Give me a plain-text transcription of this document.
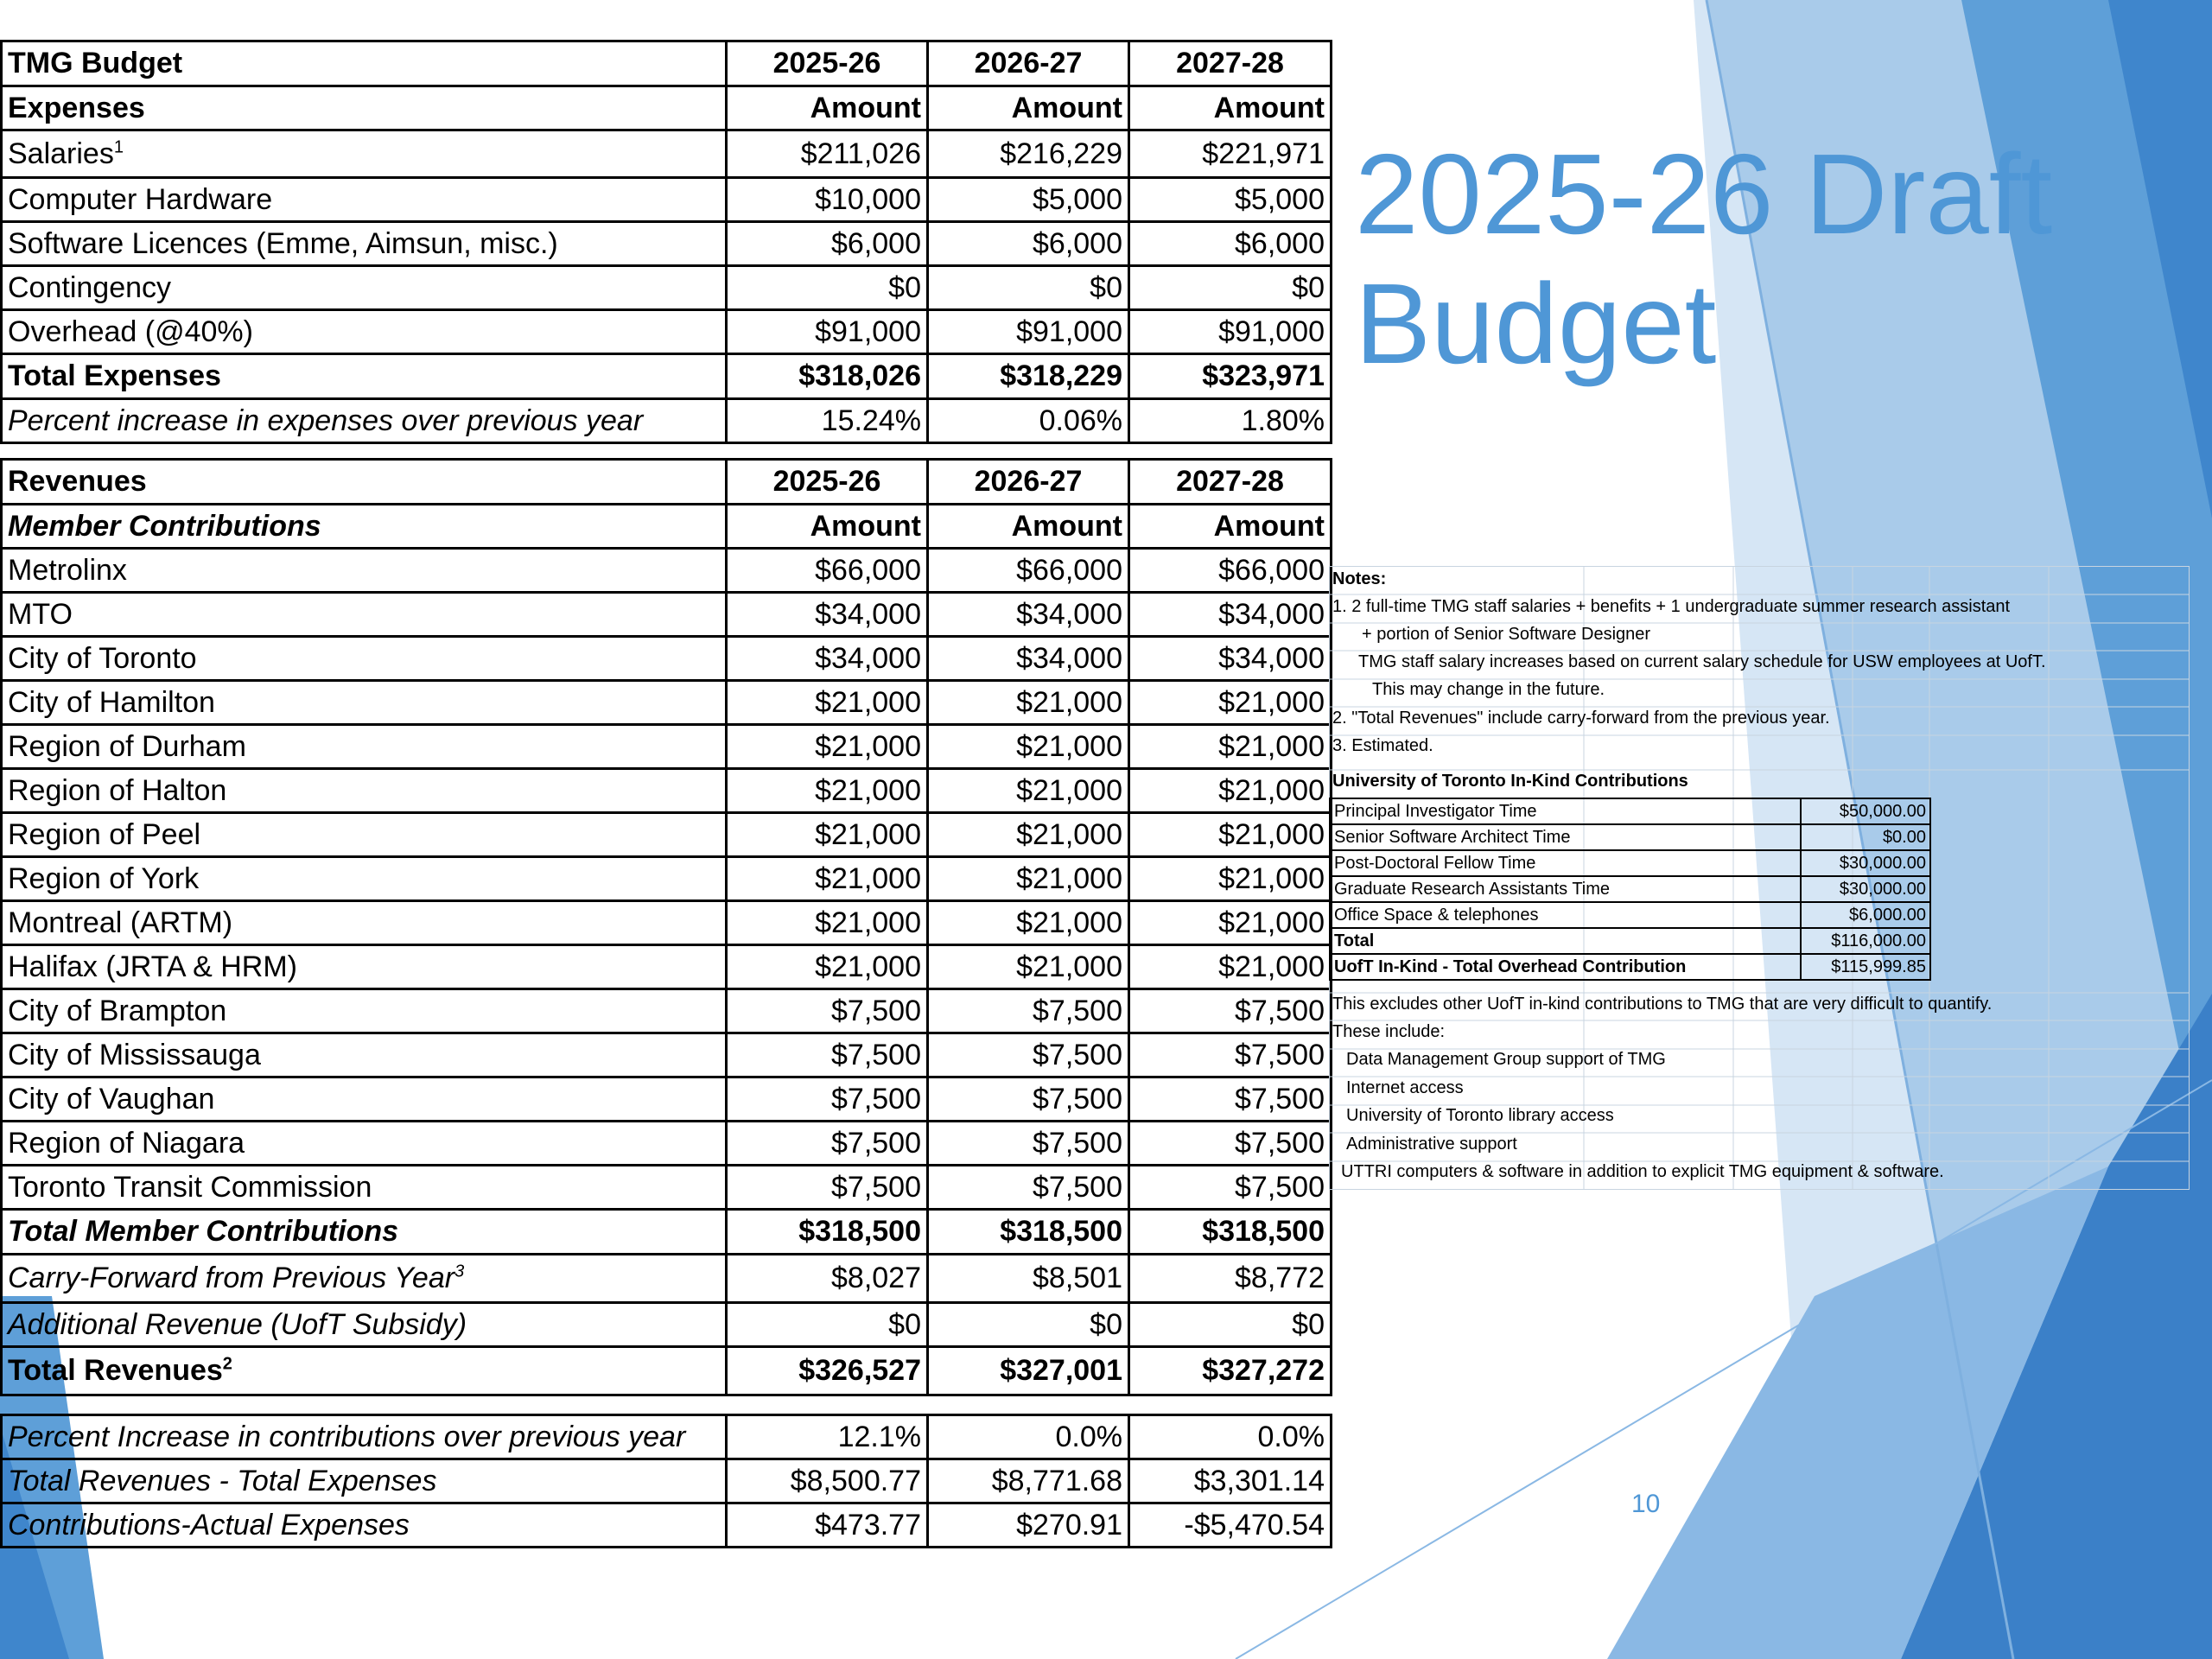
2025-26 Draft
Budget
TMG Budget	2025-26	2026-27	2027-28
Expenses	Amount	Amount	Amount
Salaries$^1$	$211,026	$216,229	$221,971
Computer Hardware	$10,000	$5,000	$5,000
Software Licences (Emme, Aimsun, misc.)	$6,000	$6,000	$6,000
Contingency	$0	$0	$0
Overhead (@40%)	$91,000	$91,000	$91,000
Total Expenses	$318,026	$318,229	$323,971
Percent increase in expenses over previous year	15.24%	0.06%	1.80%
Revenues	2025-26	2026-27	2027-28
Member Contributions	Amount	Amount	Amount
Metrolinx	$66,000	$66,000	$66,000
MTO	$34,000	$34,000	$34,000
City of Toronto	$34,000	$34,000	$34,000
City of Hamilton	$21,000	$21,000	$21,000
Region of Durham	$21,000	$21,000	$21,000
Region of Halton	$21,000	$21,000	$21,000
Region of Peel	$21,000	$21,000	$21,000
Region of York	$21,000	$21,000	$21,000
Montreal (ARTM)	$21,000	$21,000	$21,000
Halifax (JRTA & HRM)	$21,000	$21,000	$21,000
City of Brampton	$7,500	$7,500	$7,500
City of Mississauga	$7,500	$7,500	$7,500
City of Vaughan	$7,500	$7,500	$7,500
Region of Niagara	$7,500	$7,500	$7,500
Toronto Transit Commission	$7,500	$7,500	$7,500
Total Member Contributions	$318,500	$318,500	$318,500
Carry-Forward from Previous Year$^3$	$8,027	$8,501	$8,772
Additional Revenue (UofT Subsidy)	$0	$0	$0
Total Revenues$^2$	$326,527	$327,001	$327,272
Percent Increase in contributions over previous year	12.1%	0.0%	0.0%
Total Revenues - Total Expenses	$8,500.77	$8,771.68	$3,301.14
Contributions-Actual Expenses	$473.77	$270.91	-$5,470.54
Notes:
1. 2 full-time TMG staff salaries + benefits + 1 undergraduate summer research assistant
+ portion of Senior Software Designer
TMG staff salary increases based on current salary schedule for USW employees at UofT.
This may change in the future.
2. "Total Revenues" include carry-forward from the previous year.
3. Estimated.
University of Toronto In-Kind Contributions
This excludes other UofT in-kind contributions to TMG that are very difficult to quantify.
These include:
Data Management Group support of TMG
Internet access
University of Toronto library access
Administrative support
UTTRI computers & software in addition to explicit TMG equipment & software.
Principal Investigator Time	$50,000.00
Senior Software Architect Time	$0.00
Post-Doctoral Fellow Time	$30,000.00
Graduate Research Assistants Time	$30,000.00
Office Space & telephones	$6,000.00
Total	$116,000.00
UofT In-Kind - Total Overhead Contribution	$115,999.85
10
